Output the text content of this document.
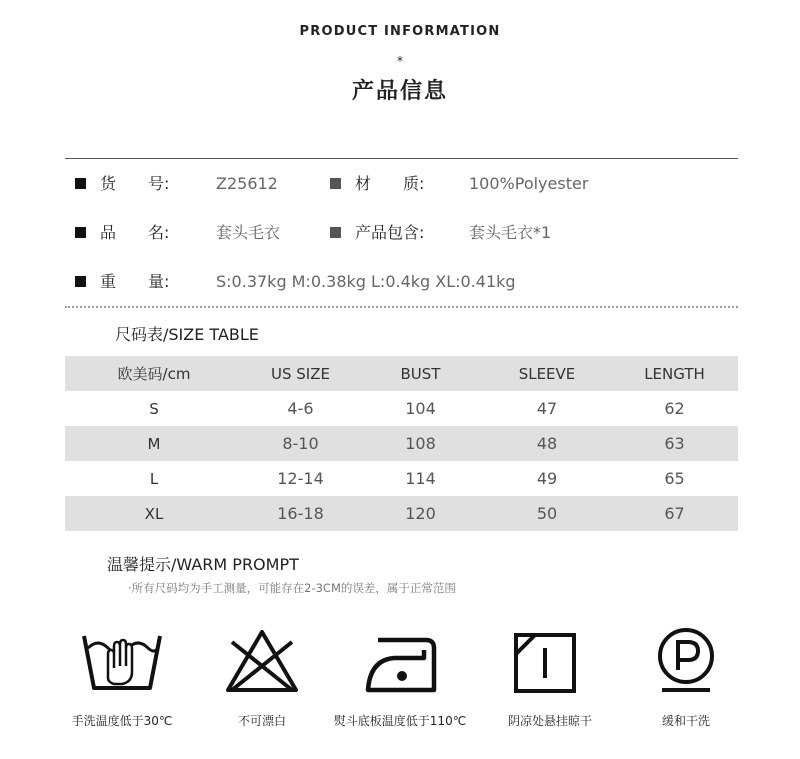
PRODUCT INFORMATION
*
产品信息
货　　号:	Z25612	材　　质:	100%Polyester
品　　名:	套头毛衣	产品包含:	套头毛衣*1
重　　量:	S:0.37kg M:0.38kg L:0.4kg XL:0.41kg
尺码表/SIZE TABLE
欧美码/cm	US SIZE	BUST	SLEEVE	LENGTH
S	4-6	104	47	62
M	8-10	108	48	63
L	12-14	114	49	65
XL	16-18	120	50	67
温馨提示/WARM PROMPT
·所有尺码均为手工测量，可能存在2-3CM的误差，属于正常范围
手洗温度低于30℃	不可漂白	熨斗底板温度低于110℃	阴凉处悬挂晾干	缓和干洗
